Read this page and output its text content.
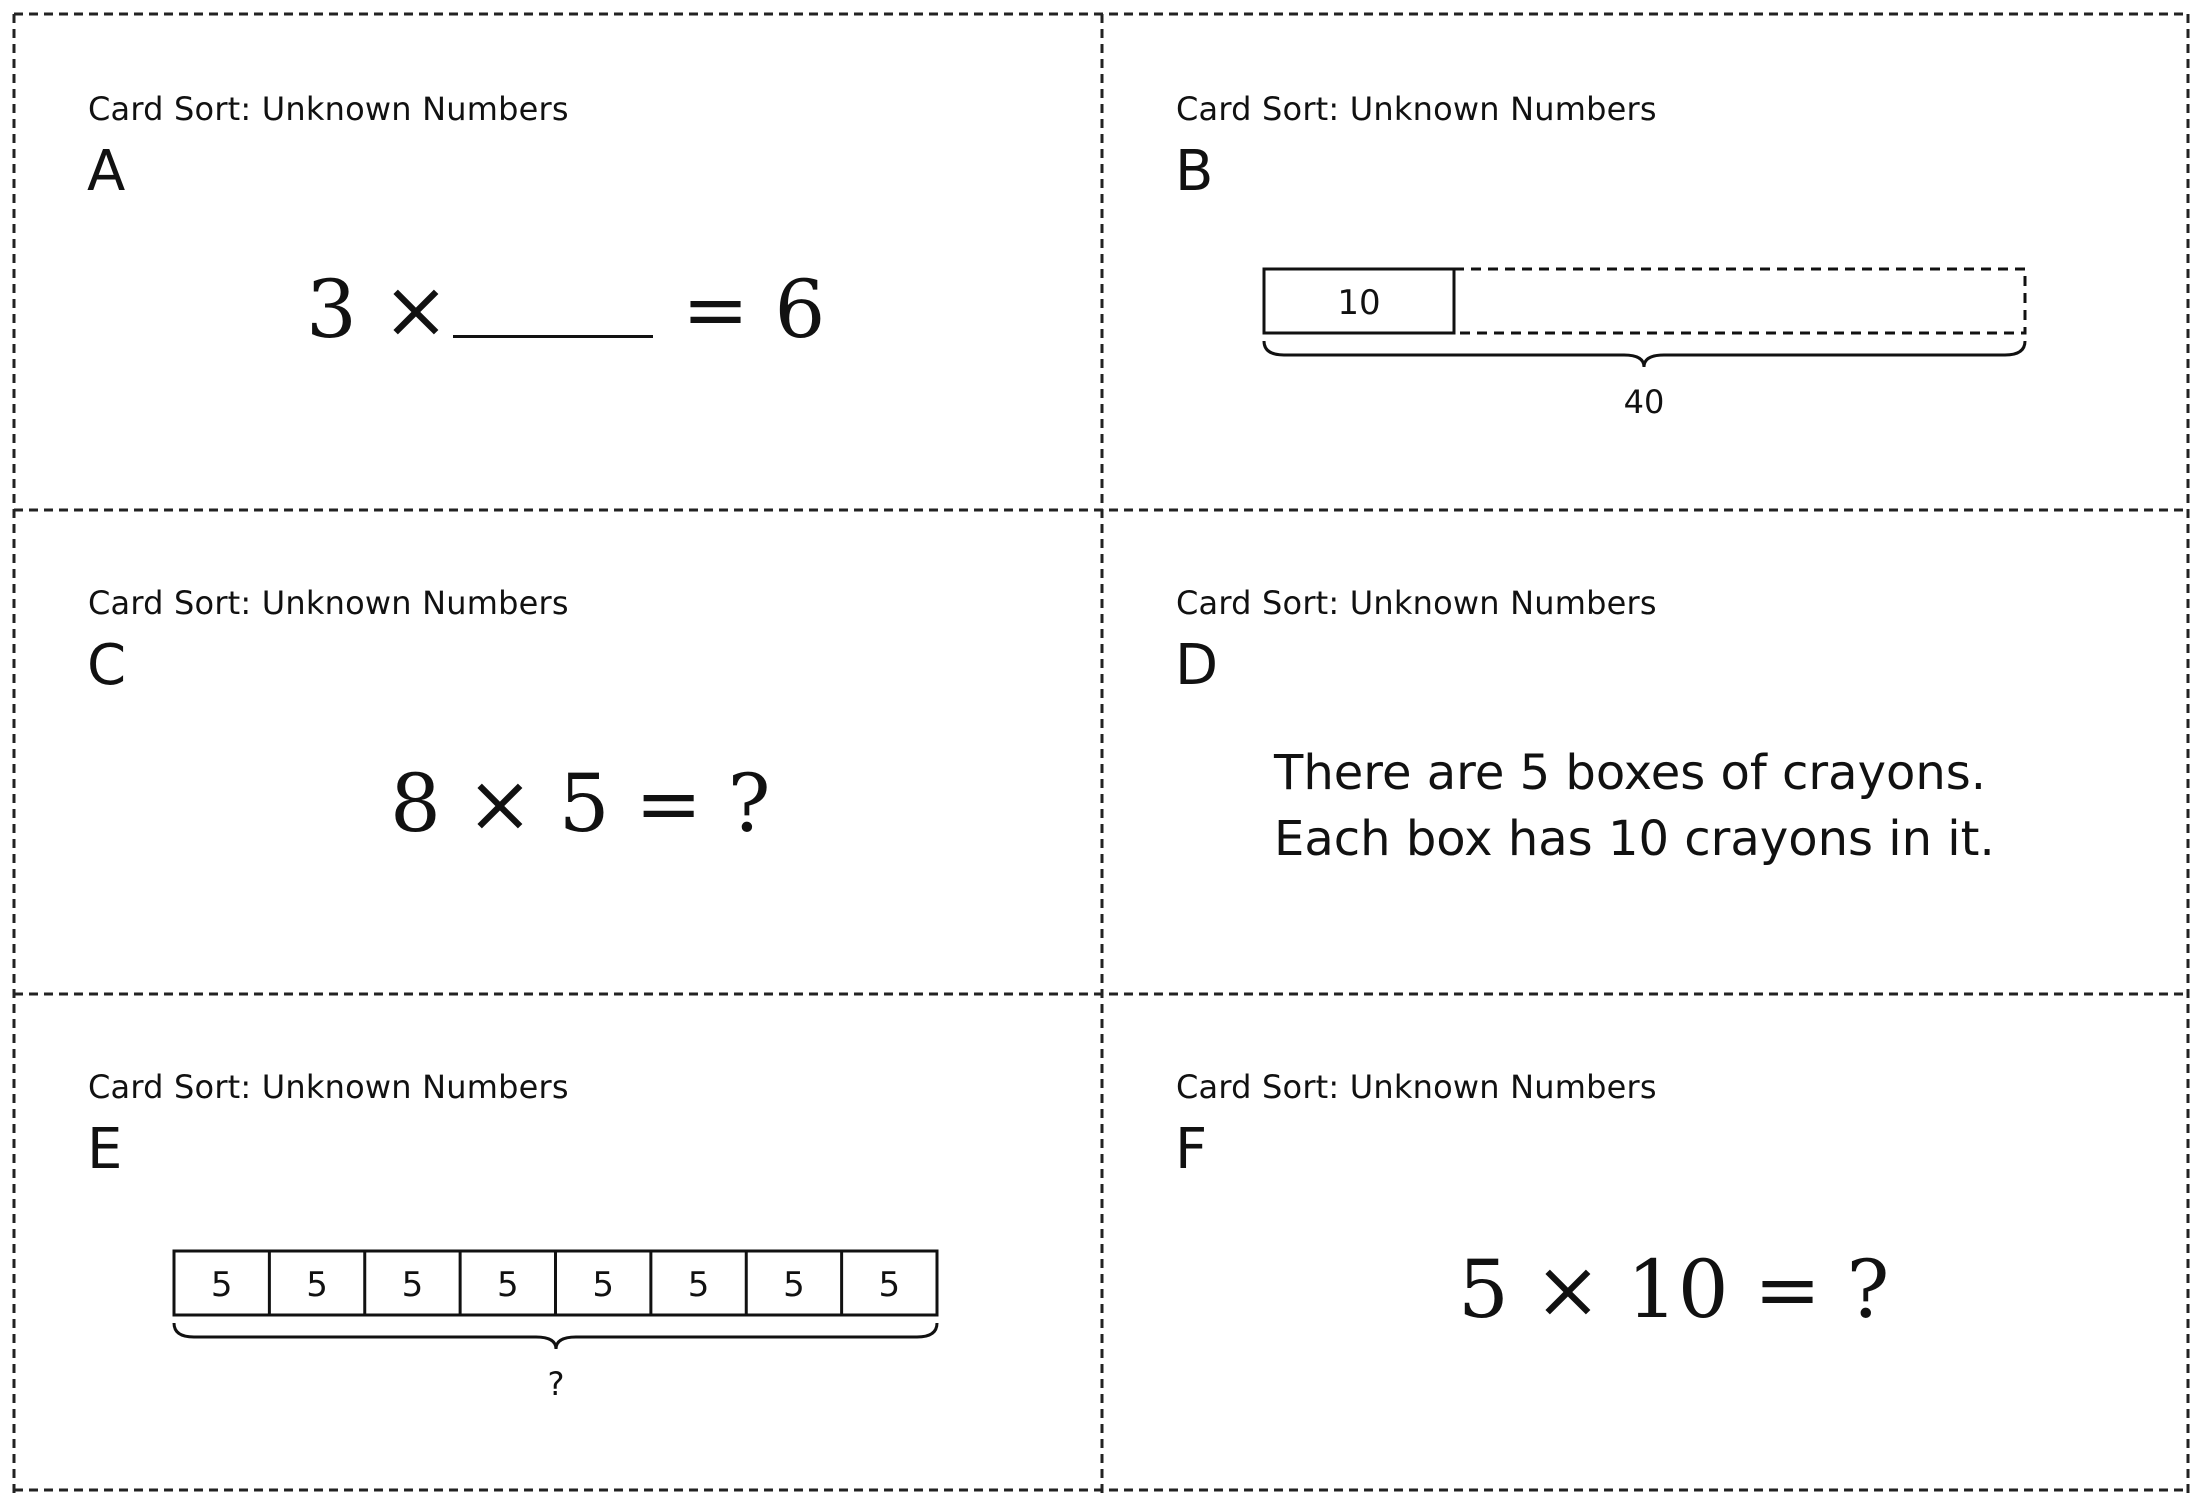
Card Sort: Unknown Numbers
A
3 ×	= 6
Card Sort: Unknown Numbers
B
10
40
Card Sort: Unknown Numbers
C
8 × 5 = ?
Card Sort: Unknown Numbers
D
There are 5 boxes of crayons.
Each box has 10 crayons in it.
Card Sort: Unknown Numbers
E
?
5 5 5 5 5 5 5 5
Card Sort: Unknown Numbers
F
5 × 10 = ?
